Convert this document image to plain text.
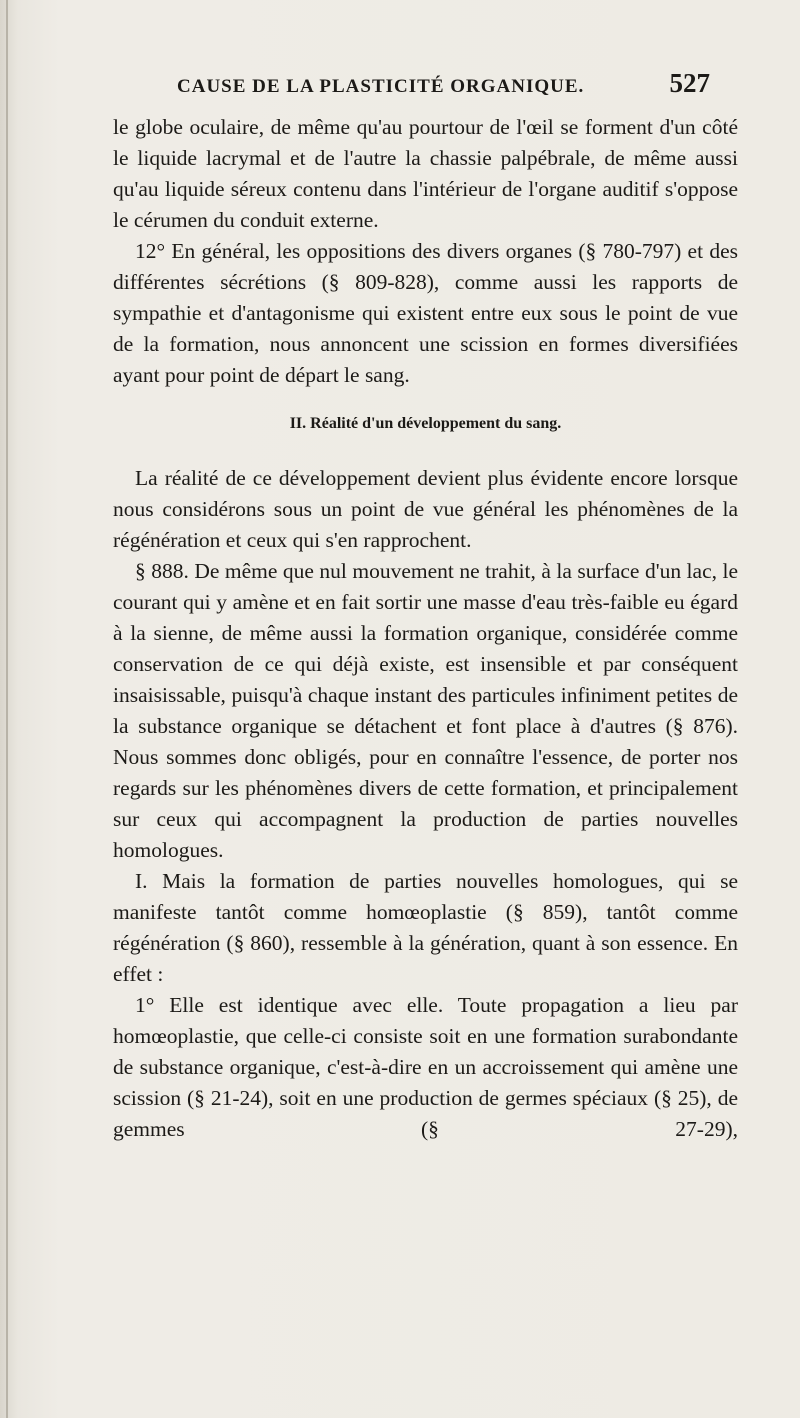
CAUSE DE LA PLASTICITÉ ORGANIQUE.	527

le globe oculaire, de même qu'au pourtour de l'œil se forment d'un côté le liquide lacrymal et de l'autre la chassie palpébrale, de même aussi qu'au liquide séreux contenu dans l'intérieur de l'organe auditif s'oppose le cérumen du conduit externe.

12° En général, les oppositions des divers organes (§ 780-797) et des différentes sécrétions (§ 809-828), comme aussi les rapports de sympathie et d'antagonisme qui existent entre eux sous le point de vue de la formation, nous annoncent une scission en formes diversifiées ayant pour point de départ le sang.

II. Réalité d'un développement du sang.

La réalité de ce développement devient plus évidente encore lorsque nous considérons sous un point de vue général les phénomènes de la régénération et ceux qui s'en rapprochent.

§ 888. De même que nul mouvement ne trahit, à la surface d'un lac, le courant qui y amène et en fait sortir une masse d'eau très-faible eu égard à la sienne, de même aussi la formation organique, considérée comme conservation de ce qui déjà existe, est insensible et par conséquent insaisissable, puisqu'à chaque instant des particules infiniment petites de la substance organique se détachent et font place à d'autres (§ 876). Nous sommes donc obligés, pour en connaître l'essence, de porter nos regards sur les phénomènes divers de cette formation, et principalement sur ceux qui accompagnent la production de parties nouvelles homologues.

I. Mais la formation de parties nouvelles homologues, qui se manifeste tantôt comme homœoplastie (§ 859), tantôt comme régénération (§ 860), ressemble à la génération, quant à son essence. En effet :

1° Elle est identique avec elle. Toute propagation a lieu par homœoplastie, que celle-ci consiste soit en une formation surabondante de substance organique, c'est-à-dire en un accroissement qui amène une scission (§ 21-24), soit en une production de germes spéciaux (§ 25), de gemmes (§ 27-29),
